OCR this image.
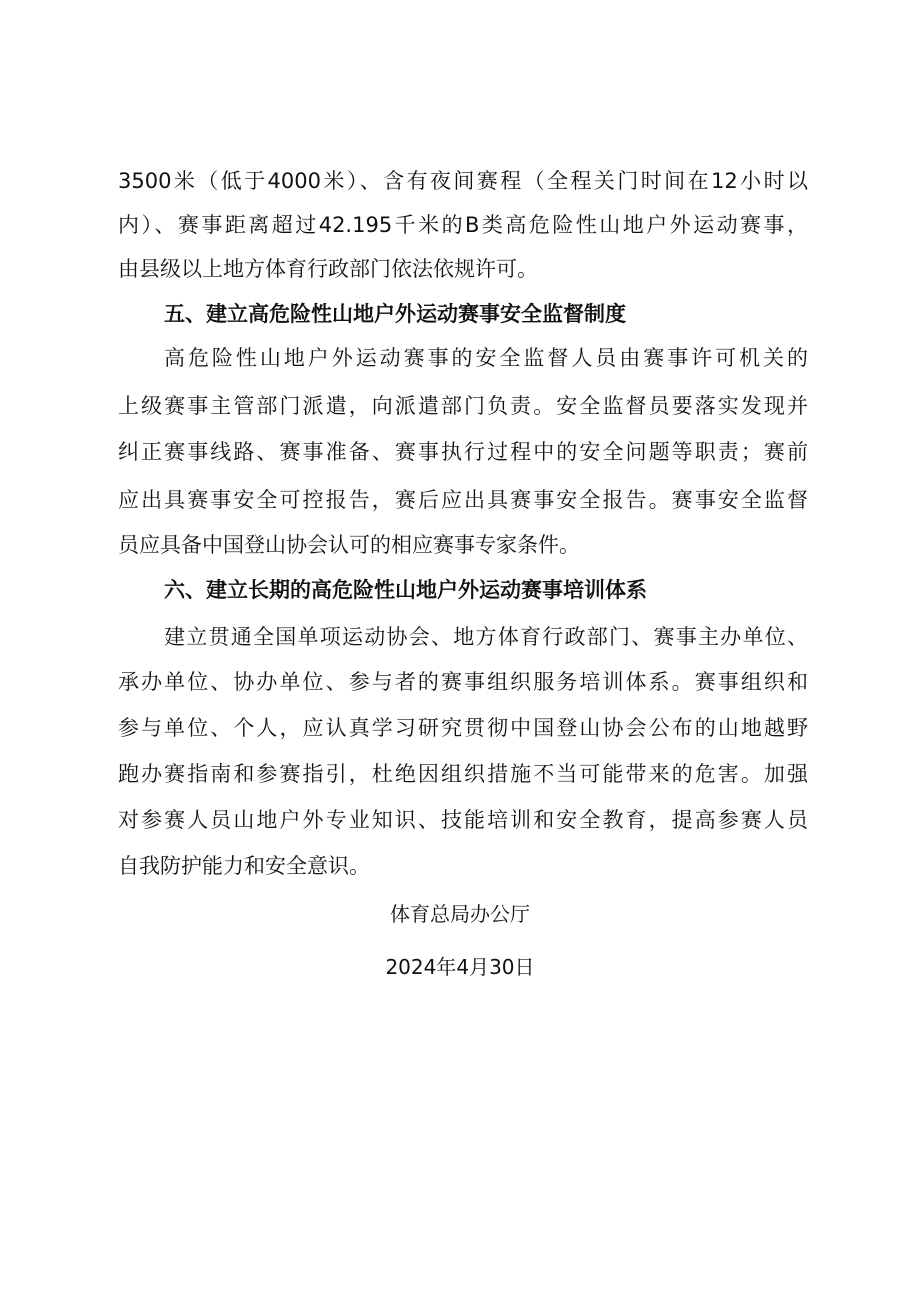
3500米（低于4000米）、含有夜间赛程（全程关门时间在12小时以
内）、赛事距离超过42.195千米的B类高危险性山地户外运动赛事，
由县级以上地方体育行政部门依法依规许可。
五、建立高危险性山地户外运动赛事安全监督制度
高危险性山地户外运动赛事的安全监督人员由赛事许可机关的
上级赛事主管部门派遣，向派遣部门负责。安全监督员要落实发现并
纠正赛事线路、赛事准备、赛事执行过程中的安全问题等职责；赛前
应出具赛事安全可控报告，赛后应出具赛事安全报告。赛事安全监督
员应具备中国登山协会认可的相应赛事专家条件。
六、建立长期的高危险性山地户外运动赛事培训体系
建立贯通全国单项运动协会、地方体育行政部门、赛事主办单位、
承办单位、协办单位、参与者的赛事组织服务培训体系。赛事组织和
参与单位、个人，应认真学习研究贯彻中国登山协会公布的山地越野
跑办赛指南和参赛指引，杜绝因组织措施不当可能带来的危害。加强
对参赛人员山地户外专业知识、技能培训和安全教育，提高参赛人员
自我防护能力和安全意识。
体育总局办公厅
2024年4月30日
